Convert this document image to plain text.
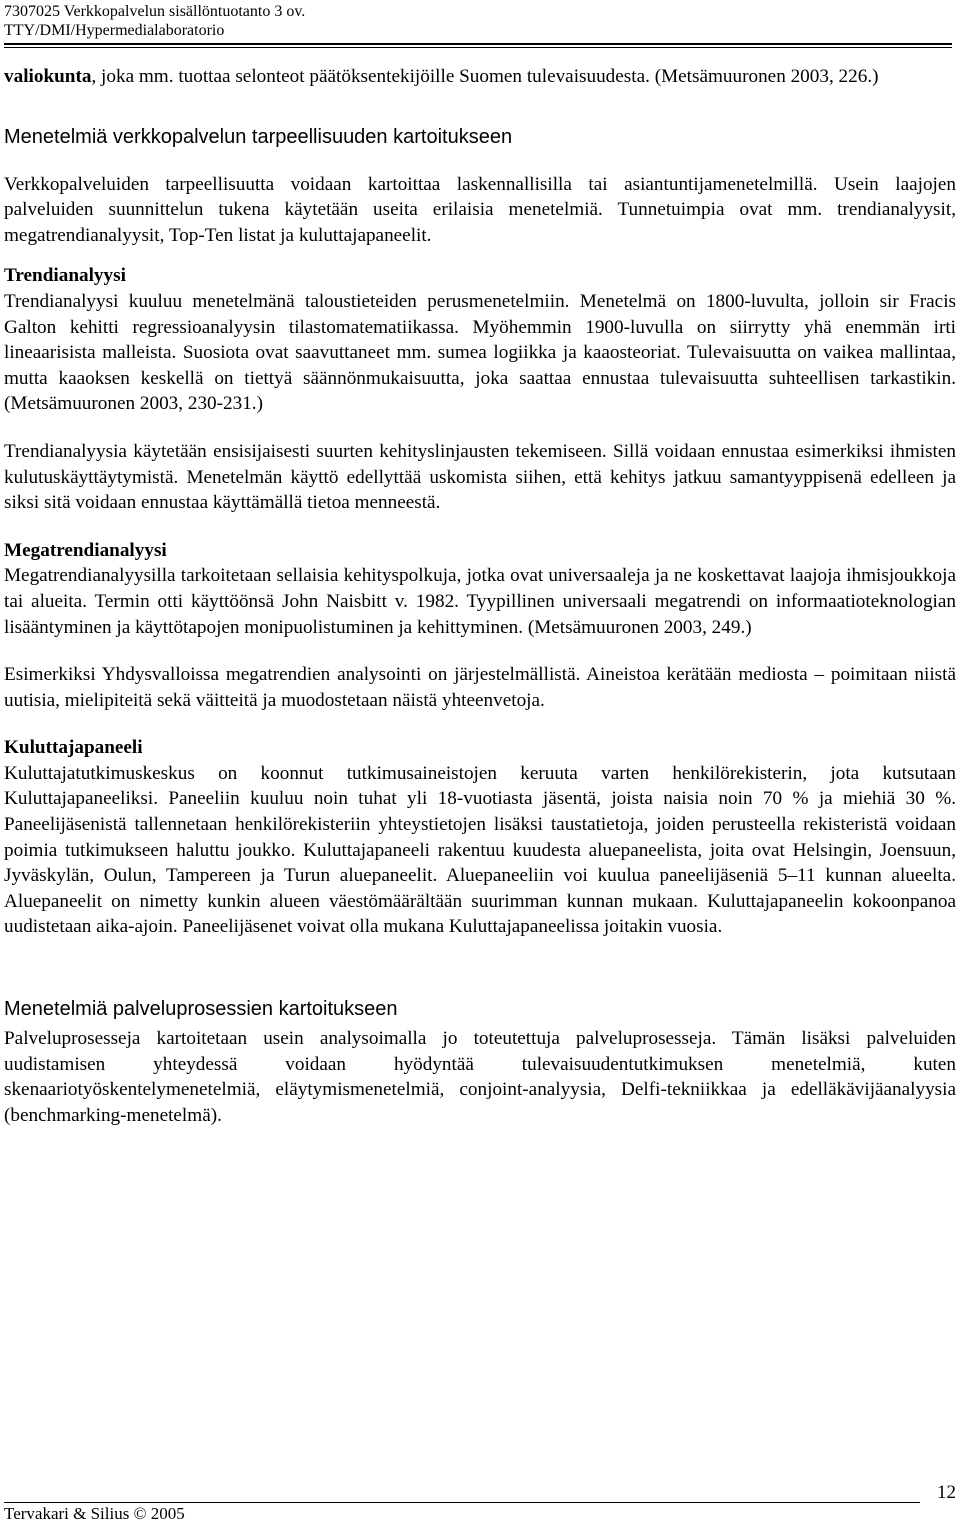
7307025 Verkkopalvelun sisällöntuotanto 3 ov.
TTY/DMI/Hypermedialaboratorio

valiokunta, joka mm. tuottaa selonteot päätöksentekijöille Suomen tulevaisuudesta. (Metsämuuronen 2003, 226.)

Menetelmiä verkkopalvelun tarpeellisuuden kartoitukseen

Verkkopalveluiden tarpeellisuutta voidaan kartoittaa laskennallisilla tai asiantuntijamenetelmillä. Usein laajojen palveluiden suunnittelun tukena käytetään useita erilaisia menetelmiä. Tunnetuimpia ovat mm. trendianalyysit, megatrendianalyysit, Top-Ten listat ja kuluttajapaneelit.

Trendianalyysi

Trendianalyysi kuuluu menetelmänä taloustieteiden perusmenetelmiin. Menetelmä on 1800-luvulta, jolloin sir Fracis Galton kehitti regressioanalyysin tilastomatematiikassa. Myöhemmin 1900-luvulla on siirrytty yhä enemmän irti lineaarisista malleista. Suosiota ovat saavuttaneet mm. sumea logiikka ja kaaosteoriat. Tulevaisuutta on vaikea mallintaa, mutta kaaoksen keskellä on tiettyä säännönmukaisuutta, joka saattaa ennustaa tulevaisuutta suhteellisen tarkastikin. (Metsämuuronen 2003, 230-231.)

Trendianalyysia käytetään ensisijaisesti suurten kehityslinjausten tekemiseen. Sillä voidaan ennustaa esimerkiksi ihmisten kulutuskäyttäytymistä. Menetelmän käyttö edellyttää uskomista siihen, että kehitys jatkuu samantyyppisenä edelleen ja siksi sitä voidaan ennustaa käyttämällä tietoa menneestä.

Megatrendianalyysi

Megatrendianalyysilla tarkoitetaan sellaisia kehityspolkuja, jotka ovat universaaleja ja ne koskettavat laajoja ihmisjoukkoja tai alueita. Termin otti käyttöönsä John Naisbitt v. 1982. Tyypillinen universaali megatrendi on informaatioteknologian lisääntyminen ja käyttötapojen monipuolistuminen ja kehittyminen. (Metsämuuronen 2003, 249.)

Esimerkiksi Yhdysvalloissa megatrendien analysointi on järjestelmällistä. Aineistoa kerätään mediosta – poimitaan niistä uutisia, mielipiteitä sekä väitteitä ja muodostetaan näistä yhteenvetoja.

Kuluttajapaneeli

Kuluttajatutkimuskeskus on koonnut tutkimusaineistojen keruuta varten henkilörekisterin, jota kutsutaan Kuluttajapaneeliksi. Paneeliin kuuluu noin tuhat yli 18-vuotiasta jäsentä, joista naisia noin 70 % ja miehiä 30 %. Paneelijäsenistä tallennetaan henkilörekisteriin yhteystietojen lisäksi taustatietoja, joiden perusteella rekisteristä voidaan poimia tutkimukseen haluttu joukko. Kuluttajapaneeli rakentuu kuudesta aluepaneelista, joita ovat Helsingin, Joensuun, Jyväskylän, Oulun, Tampereen ja Turun aluepaneelit. Aluepaneeliin voi kuulua paneelijäseniä 5–11 kunnan alueelta. Aluepaneelit on nimetty kunkin alueen väestömäärältään suurimman kunnan mukaan. Kuluttajapaneelin kokoonpanoa uudistetaan aika-ajoin. Paneelijäsenet voivat olla mukana Kuluttajapaneelissa joitakin vuosia.

Menetelmiä palveluprosessien kartoitukseen

Palveluprosesseja kartoitetaan usein analysoimalla jo toteutettuja palveluprosesseja. Tämän lisäksi palveluiden uudistamisen yhteydessä voidaan hyödyntää tulevaisuudentutkimuksen menetelmiä, kuten skenaariotyöskentelymenetelmiä, eläytymismenetelmiä, conjoint-analyysia, Delfi-tekniikkaa ja edelläkävijäanalyysia (benchmarking-menetelmä).

12
Tervakari & Silius © 2005
